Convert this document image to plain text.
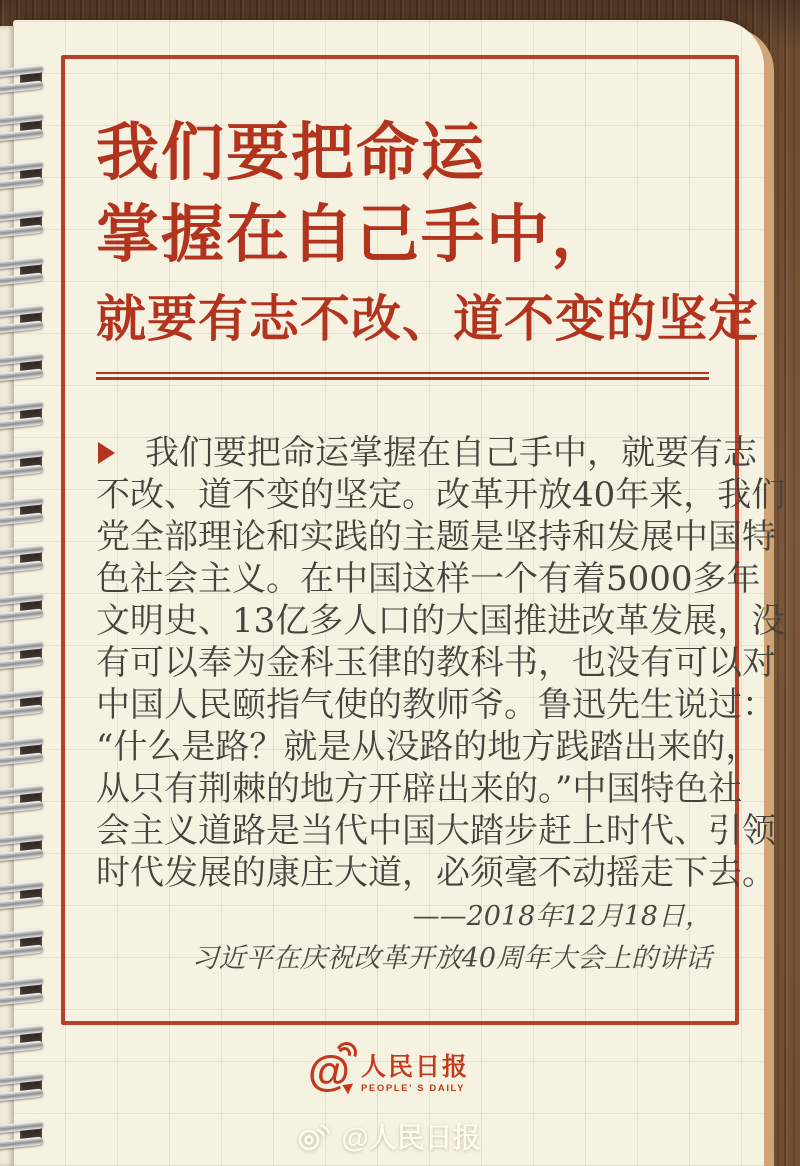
我们要把命运
掌握在自己手中，
就要有志不改、道不变的坚定
我们要把命运掌握在自己手中，就要有志
不改、道不变的坚定。改革开放40年来，我们
党全部理论和实践的主题是坚持和发展中国特
色社会主义。在中国这样一个有着5000多年
文明史、13亿多人口的大国推进改革发展，没
有可以奉为金科玉律的教科书，也没有可以对
中国人民颐指气使的教师爷。鲁迅先生说过：
“什么是路？就是从没路的地方践踏出来的，
从只有荆棘的地方开辟出来的。”中国特色社
会主义道路是当代中国大踏步赶上时代、引领
时代发展的康庄大道，必须毫不动摇走下去。
——2018年12月18日，
习近平在庆祝改革开放40周年大会上的讲话
@ 人民日报
PEOPLE' S DAILY
@人民日报
